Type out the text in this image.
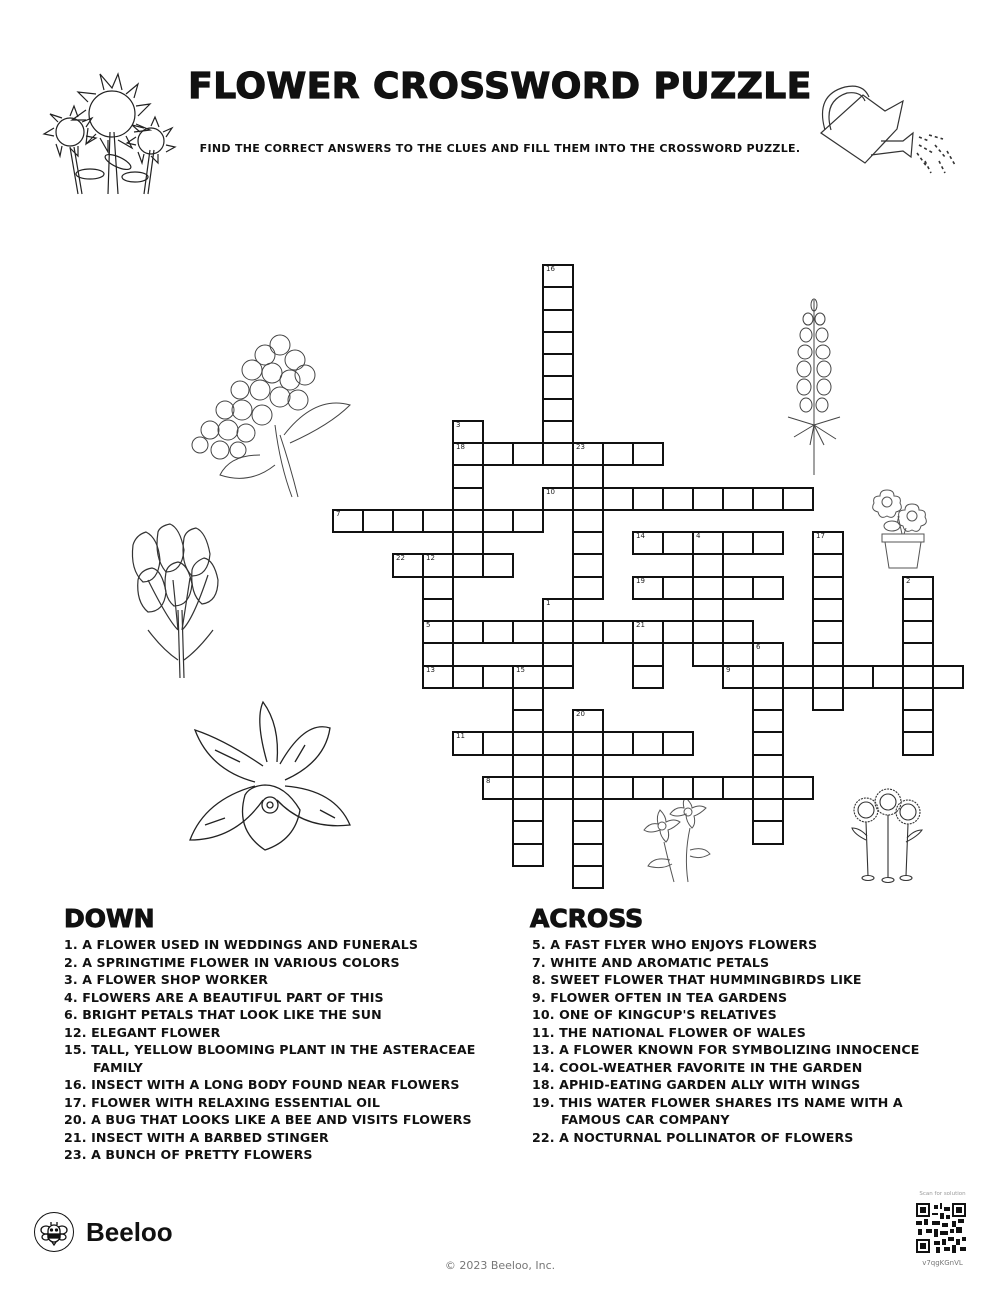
FLOWER CROSSWORD PUZZLE
FIND THE CORRECT ANSWERS TO THE CLUES AND FILL THEM INTO THE CROSSWORD PUZZLE.
16
3
18	23
10
7
14	4	17
22	12
5
13
19	2
1
21
6
15	9
20
11
8
DOWN
1. A FLOWER USED IN WEDDINGS AND FUNERALS
2. A SPRINGTIME FLOWER IN VARIOUS COLORS
3. A FLOWER SHOP WORKER
4. FLOWERS ARE A BEAUTIFUL PART OF THIS
6. BRIGHT PETALS THAT LOOK LIKE THE SUN
12. ELEGANT FLOWER
15. TALL, YELLOW BLOOMING PLANT IN THE ASTERACEAE FAMILY
16. INSECT WITH A LONG BODY FOUND NEAR FLOWERS
17. FLOWER WITH RELAXING ESSENTIAL OIL
20. A BUG THAT LOOKS LIKE A BEE AND VISITS FLOWERS
21. INSECT WITH A BARBED STINGER
23. A BUNCH OF PRETTY FLOWERS
ACROSS
5. A FAST FLYER WHO ENJOYS FLOWERS
7. WHITE AND AROMATIC PETALS
8. SWEET FLOWER THAT HUMMINGBIRDS LIKE
9. FLOWER OFTEN IN TEA GARDENS
10. ONE OF KINGCUP'S RELATIVES
11. THE NATIONAL FLOWER OF WALES
13. A FLOWER KNOWN FOR SYMBOLIZING INNOCENCE
14. COOL-WEATHER FAVORITE IN THE GARDEN
18. APHID-EATING GARDEN ALLY WITH WINGS
19. THIS WATER FLOWER SHARES ITS NAME WITH A FAMOUS CAR COMPANY
22. A NOCTURNAL POLLINATOR OF FLOWERS
Beeloo
© 2023 Beeloo, Inc.
Scan for solution
v7qgKGnVL
